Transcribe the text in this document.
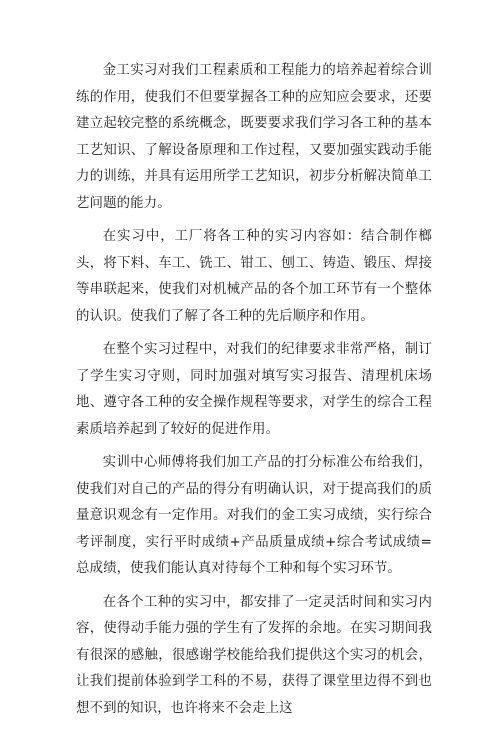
金工实习对我们工程素质和工程能力的培养起着综合训练的作用，使我们不但要掌握各工种的应知应会要求，还要建立起较完整的系统概念，既要要求我们学习各工种的基本工艺知识、了解设备原理和工作过程，又要加强实践动手能力的训练，并具有运用所学工艺知识，初步分析解决简单工艺问题的能力。

在实习中，工厂将各工种的实习内容如：结合制作榔头，将下料、车工、铣工、钳工、刨工、铸造、锻压、焊接等串联起来，使我们对机械产品的各个加工环节有一个整体的认识。使我们了解了各工种的先后顺序和作用。

在整个实习过程中，对我们的纪律要求非常严格，制订了学生实习守则，同时加强对填写实习报告、清理机床场地、遵守各工种的安全操作规程等要求，对学生的综合工程素质培养起到了较好的促进作用。

实训中心师傅将我们加工产品的打分标准公布给我们，使我们对自己的产品的得分有明确认识，对于提高我们的质量意识观念有一定作用。对我们的金工实习成绩，实行综合考评制度，实行平时成绩+产品质量成绩+综合考试成绩=总成绩，使我们能认真对待每个工种和每个实习环节。

在各个工种的实习中，都安排了一定灵活时间和实习内容，使得动手能力强的学生有了发挥的余地。在实习期间我有很深的感触，很感谢学校能给我们提供这个实习的机会，让我们提前体验到学工科的不易，获得了课堂里边得不到也想不到的知识，也许将来不会走上这
